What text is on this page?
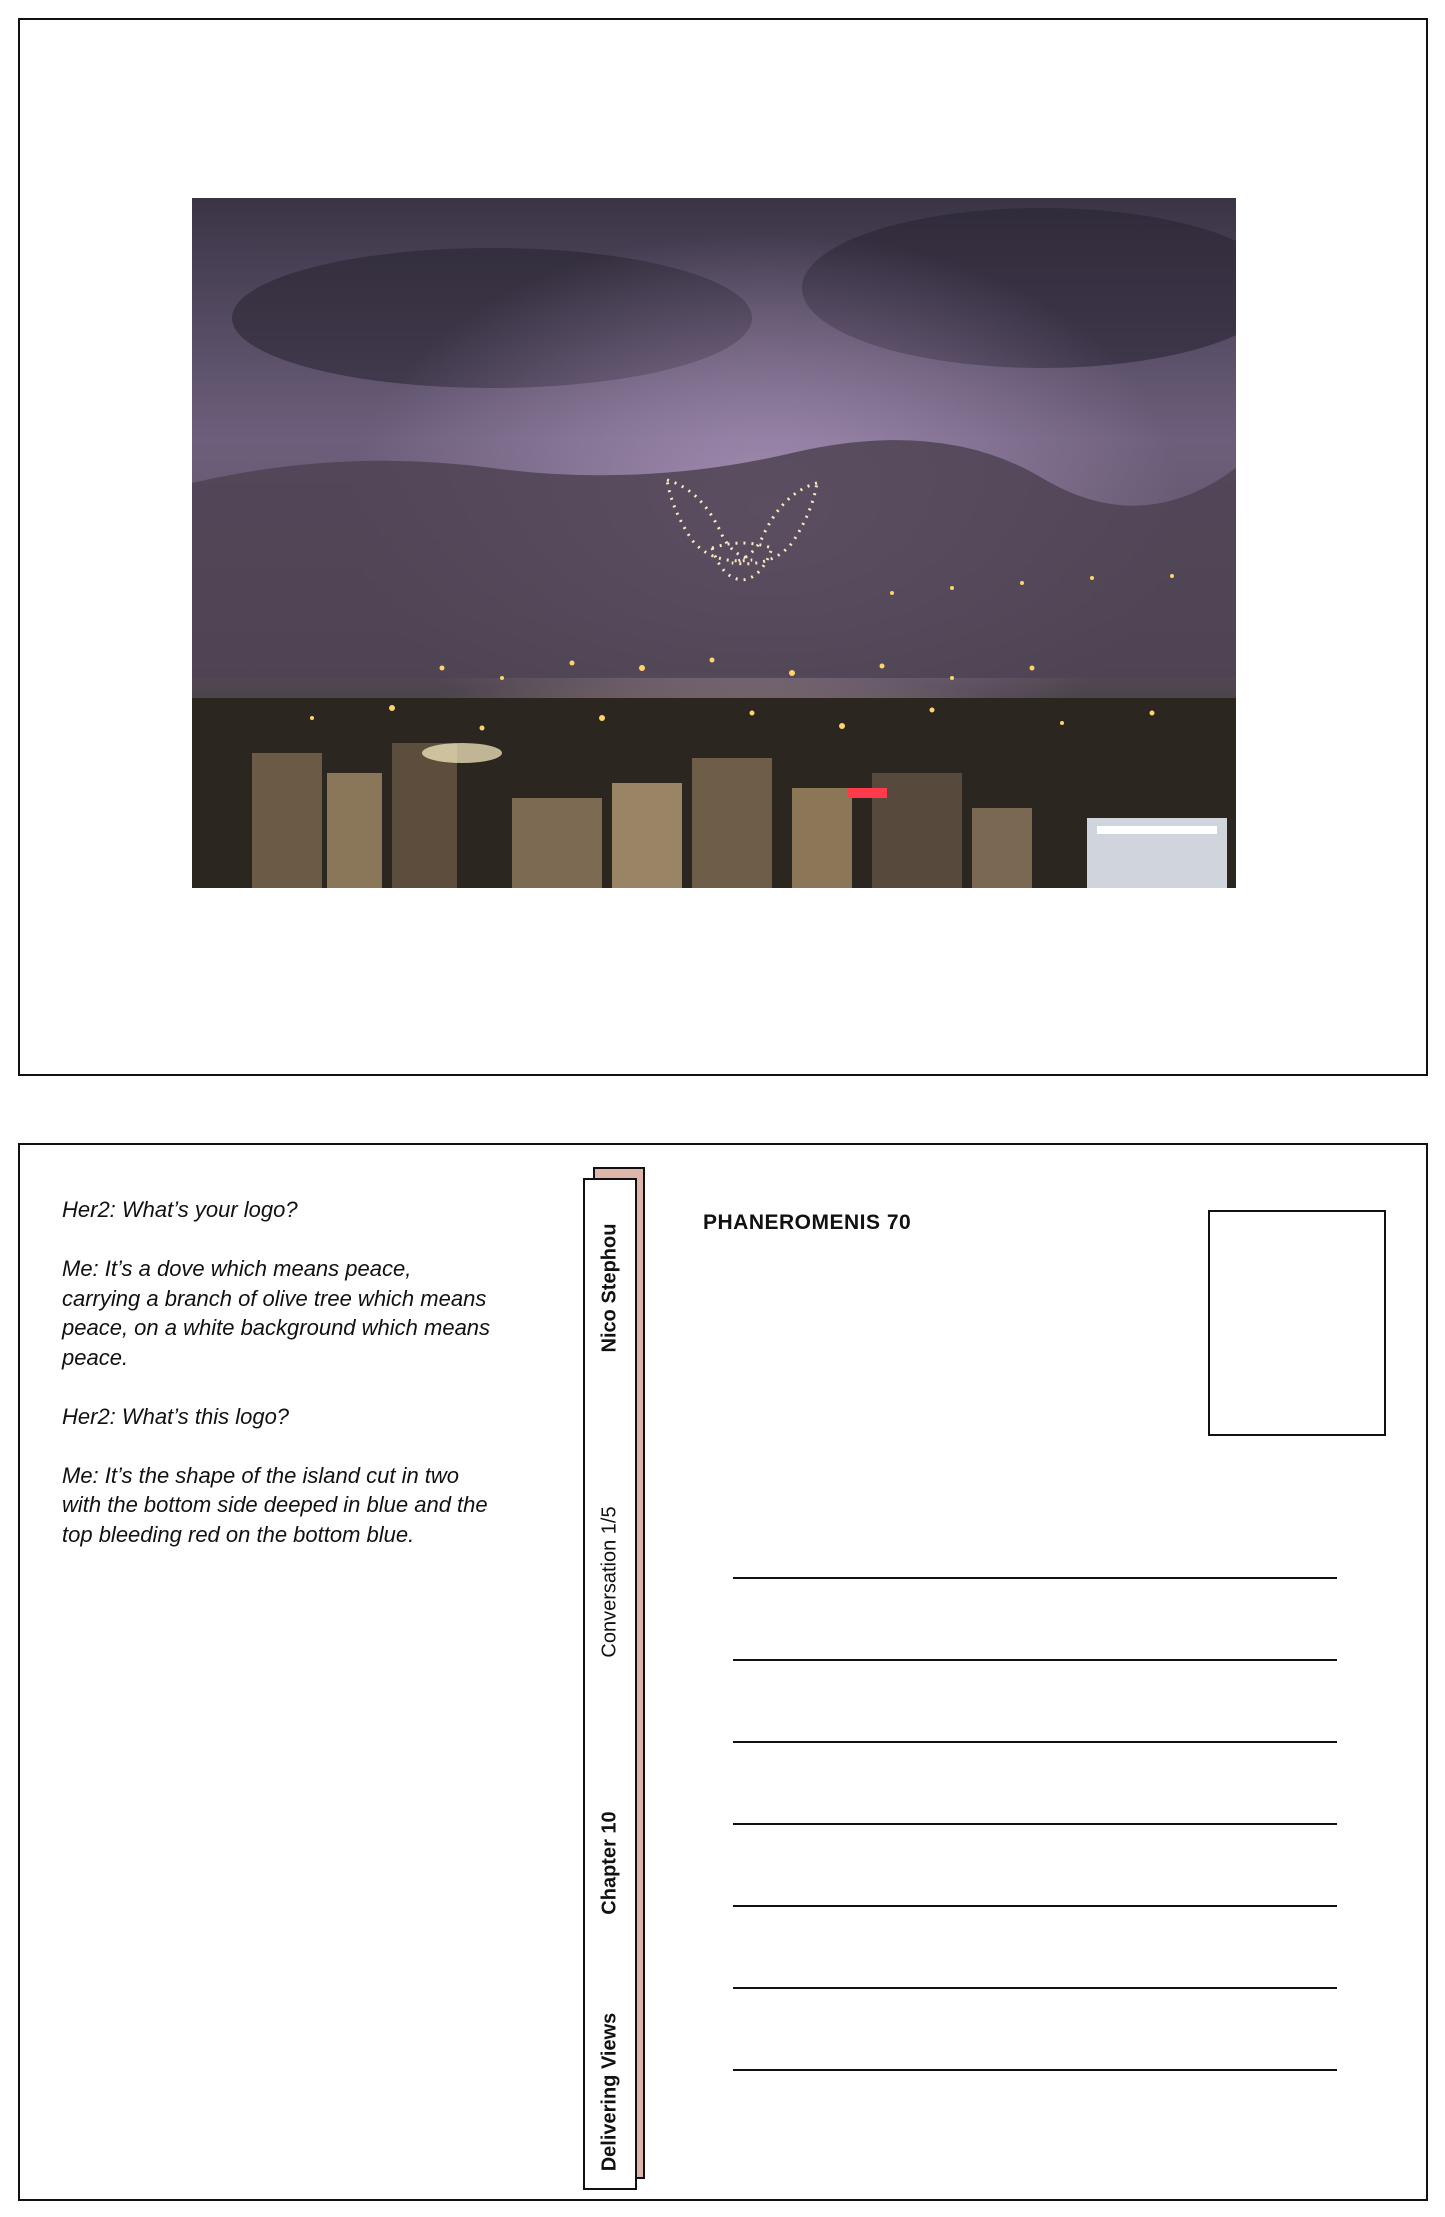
Her2: What’s your logo?

Me: It’s a dove which means peace, carrying a branch of olive tree which means peace, on a white background which means peace.

Her2: What’s this logo?

Me: It’s the shape of the island cut in two with the bottom side deeped in blue and the top bleeding red on the bottom blue.

Nico Stephou
Conversation 1/5
Chapter 10
Delivering Views
PHANEROMENIS 70
